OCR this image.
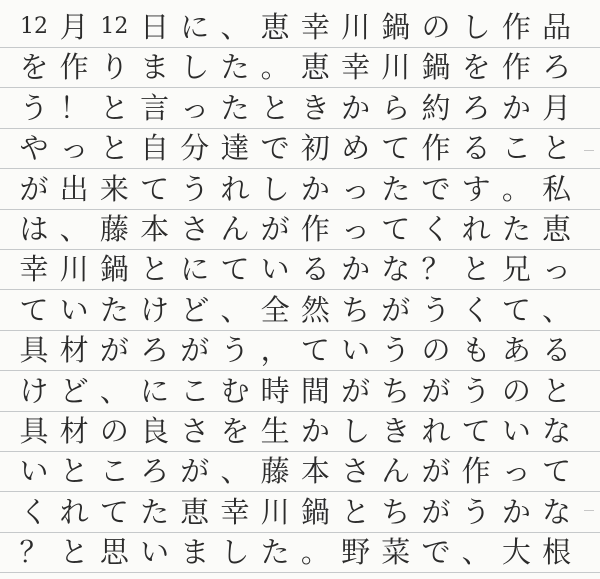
12 月 12 日 に 、 恵 幸 川 鍋 の し 作 品
を 作 り ま し た 。 恵 幸 川 鍋 を 作 ろ
う ！ と 言 っ た と き か ら 約 ろ か 月
や っ と 自 分 達 で 初 め て 作 る こ と
が 出 来 て う れ し か っ た で す 。 私
は 、 藤 本 さ ん が 作 っ て く れ た 恵
幸 川 鍋 と に て い る か な ？ と 兄 っ
て い た け ど 、 全 然 ち が う く て 、
具 材 が ろ が う ， て い う の も あ る
け ど 、 に こ む 時 間 が ち が う の と
具 材 の 良 さ を 生 か し き れ て い な
い と こ ろ が 、 藤 本 さ ん が 作 っ て
く れ て た 恵 幸 川 鍋 と ち が う か な
？ と 思 い ま し た 。 野 菜 で 、 大 根
